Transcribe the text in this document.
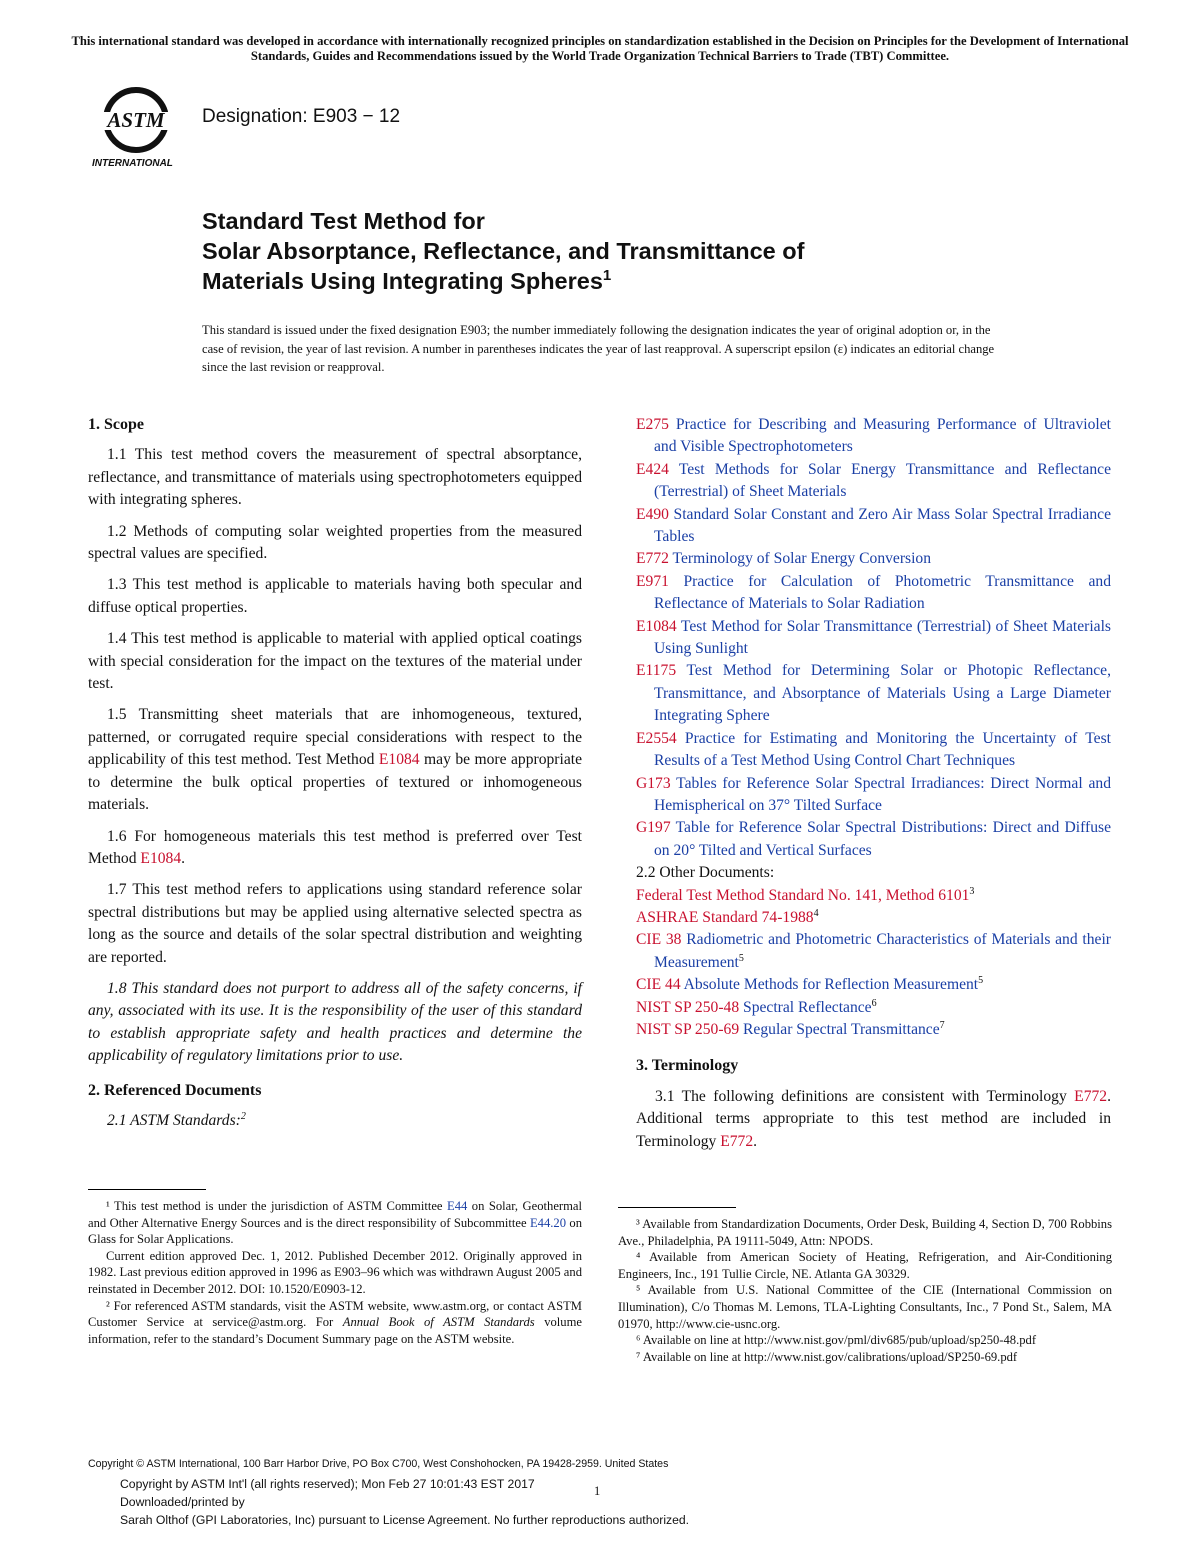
This international standard was developed in accordance with internationally recognized principles on standardization established in the Decision on Principles for the Development of International Standards, Guides and Recommendations issued by the World Trade Organization Technical Barriers to Trade (TBT) Committee.
ASTM
INTERNATIONAL
Designation: E903 − 12
Standard Test Method for
Solar Absorptance, Reflectance, and Transmittance of
Materials Using Integrating Spheres$^1$
This standard is issued under the fixed designation E903; the number immediately following the designation indicates the year of original adoption or, in the case of revision, the year of last revision. A number in parentheses indicates the year of last reapproval. A superscript epsilon (ε) indicates an editorial change since the last revision or reapproval.
1. Scope

1.1 This test method covers the measurement of spectral absorptance, reflectance, and transmittance of materials using spectrophotometers equipped with integrating spheres.

1.2 Methods of computing solar weighted properties from the measured spectral values are specified.

1.3 This test method is applicable to materials having both specular and diffuse optical properties.

1.4 This test method is applicable to material with applied optical coatings with special consideration for the impact on the textures of the material under test.

1.5 Transmitting sheet materials that are inhomogeneous, textured, patterned, or corrugated require special considerations with respect to the applicability of this test method. Test Method E1084 may be more appropriate to determine the bulk optical properties of textured or inhomogeneous materials.

1.6 For homogeneous materials this test method is preferred over Test Method E1084.

1.7 This test method refers to applications using standard reference solar spectral distributions but may be applied using alternative selected spectra as long as the source and details of the solar spectral distribution and weighting are reported.

1.8 This standard does not purport to address all of the safety concerns, if any, associated with its use. It is the responsibility of the user of this standard to establish appropriate safety and health practices and determine the applicability of regulatory limitations prior to use.

2. Referenced Documents

2.1 ASTM Standards:$^2$

¹ This test method is under the jurisdiction of ASTM Committee E44 on Solar, Geothermal and Other Alternative Energy Sources and is the direct responsibility of Subcommittee E44.20 on Glass for Solar Applications.

Current edition approved Dec. 1, 2012. Published December 2012. Originally approved in 1982. Last previous edition approved in 1996 as E903–96 which was withdrawn August 2005 and reinstated in December 2012. DOI: 10.1520/E0903-12.

² For referenced ASTM standards, visit the ASTM website, www.astm.org, or contact ASTM Customer Service at service@astm.org. For Annual Book of ASTM Standards volume information, refer to the standard’s Document Summary page on the ASTM website.

E275 Practice for Describing and Measuring Performance of Ultraviolet and Visible Spectrophotometers

E424 Test Methods for Solar Energy Transmittance and Reflectance (Terrestrial) of Sheet Materials

E490 Standard Solar Constant and Zero Air Mass Solar Spectral Irradiance Tables

E772 Terminology of Solar Energy Conversion

E971 Practice for Calculation of Photometric Transmittance and Reflectance of Materials to Solar Radiation

E1084 Test Method for Solar Transmittance (Terrestrial) of Sheet Materials Using Sunlight

E1175 Test Method for Determining Solar or Photopic Reflectance, Transmittance, and Absorptance of Materials Using a Large Diameter Integrating Sphere

E2554 Practice for Estimating and Monitoring the Uncertainty of Test Results of a Test Method Using Control Chart Techniques

G173 Tables for Reference Solar Spectral Irradiances: Direct Normal and Hemispherical on 37° Tilted Surface

G197 Table for Reference Solar Spectral Distributions: Direct and Diffuse on 20° Tilted and Vertical Surfaces

2.2 Other Documents:

Federal Test Method Standard No. 141, Method 6101$^3$

ASHRAE Standard 74-1988$^4$

CIE 38 Radiometric and Photometric Characteristics of Materials and their Measurement$^5$

CIE 44 Absolute Methods for Reflection Measurement$^5$

NIST SP 250-48 Spectral Reflectance$^6$

NIST SP 250-69 Regular Spectral Transmittance$^7$

3. Terminology

3.1 The following definitions are consistent with Terminology E772. Additional terms appropriate to this test method are included in Terminology E772.

³ Available from Standardization Documents, Order Desk, Building 4, Section D, 700 Robbins Ave., Philadelphia, PA 19111-5049, Attn: NPODS.

⁴ Available from American Society of Heating, Refrigeration, and Air-Conditioning Engineers, Inc., 191 Tullie Circle, NE. Atlanta GA 30329.

⁵ Available from U.S. National Committee of the CIE (International Commission on Illumination), C/o Thomas M. Lemons, TLA-Lighting Consultants, Inc., 7 Pond St., Salem, MA 01970, http://www.cie-usnc.org.

⁶ Available on line at http://www.nist.gov/pml/div685/pub/upload/sp250-48.pdf

⁷ Available on line at http://www.nist.gov/calibrations/upload/SP250-69.pdf

Copyright © ASTM International, 100 Barr Harbor Drive, PO Box C700, West Conshohocken, PA 19428-2959. United States
Copyright by ASTM Int'l (all rights reserved); Mon Feb 27 10:01:43 EST 2017
Downloaded/printed by
Sarah Olthof (GPI Laboratories, Inc) pursuant to License Agreement. No further reproductions authorized.
1
